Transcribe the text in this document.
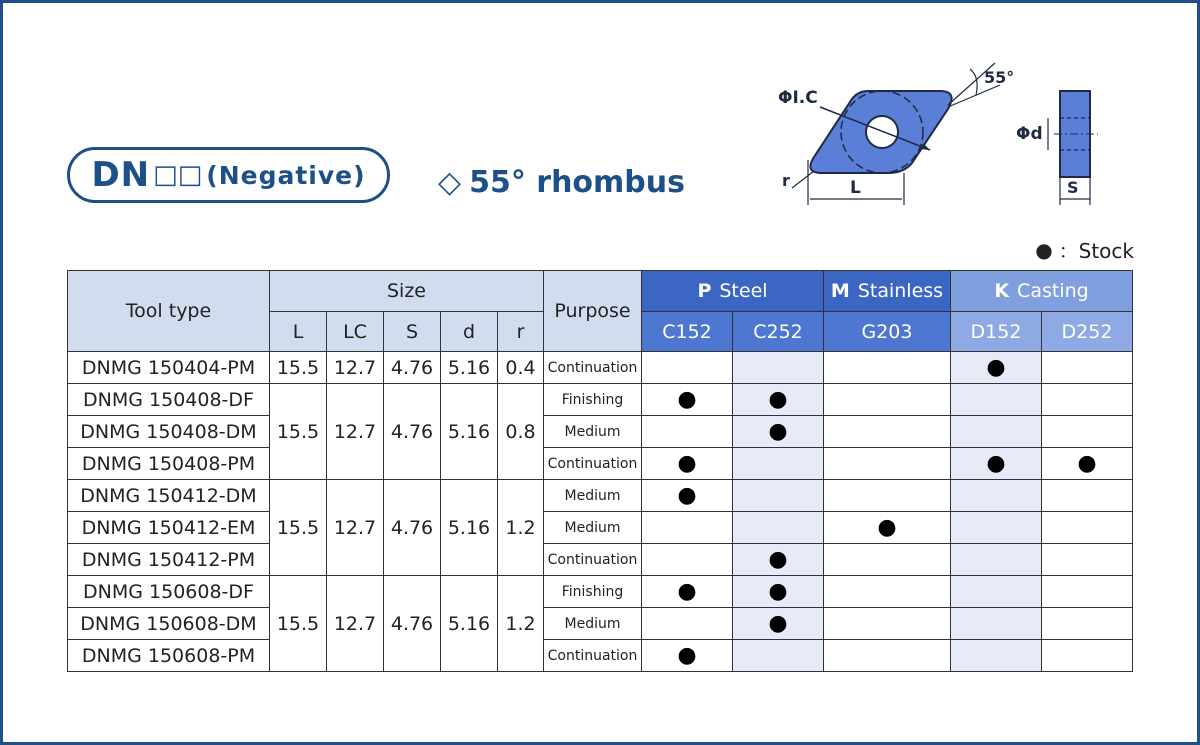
DN □□ (Negative) ◇ 55° rhombus
ΦI.C
55°
r	L
Φd
S
● ：Stock
Tool type	Size					Purpose	P Steel		M Stainless	K Casting	
	L	LC	S	d	r		C152	C252	G203	D152	D252
DNMG 150404-PM	15.5	12.7	4.76	5.16	0.4	Continuation				●	
DNMG 150408-DF	15.5	12.7	4.76	5.16	0.8	Finishing	●	●			
DNMG 150408-DM						Medium		●			
DNMG 150408-PM						Continuation	●			●	●
DNMG 150412-DM	15.5	12.7	4.76	5.16	1.2	Medium	●				
DNMG 150412-EM						Medium			●		
DNMG 150412-PM						Continuation		●			
DNMG 150608-DF	15.5	12.7	4.76	5.16	1.2	Finishing	●	●			
DNMG 150608-DM						Medium		●			
DNMG 150608-PM						Continuation	●				
